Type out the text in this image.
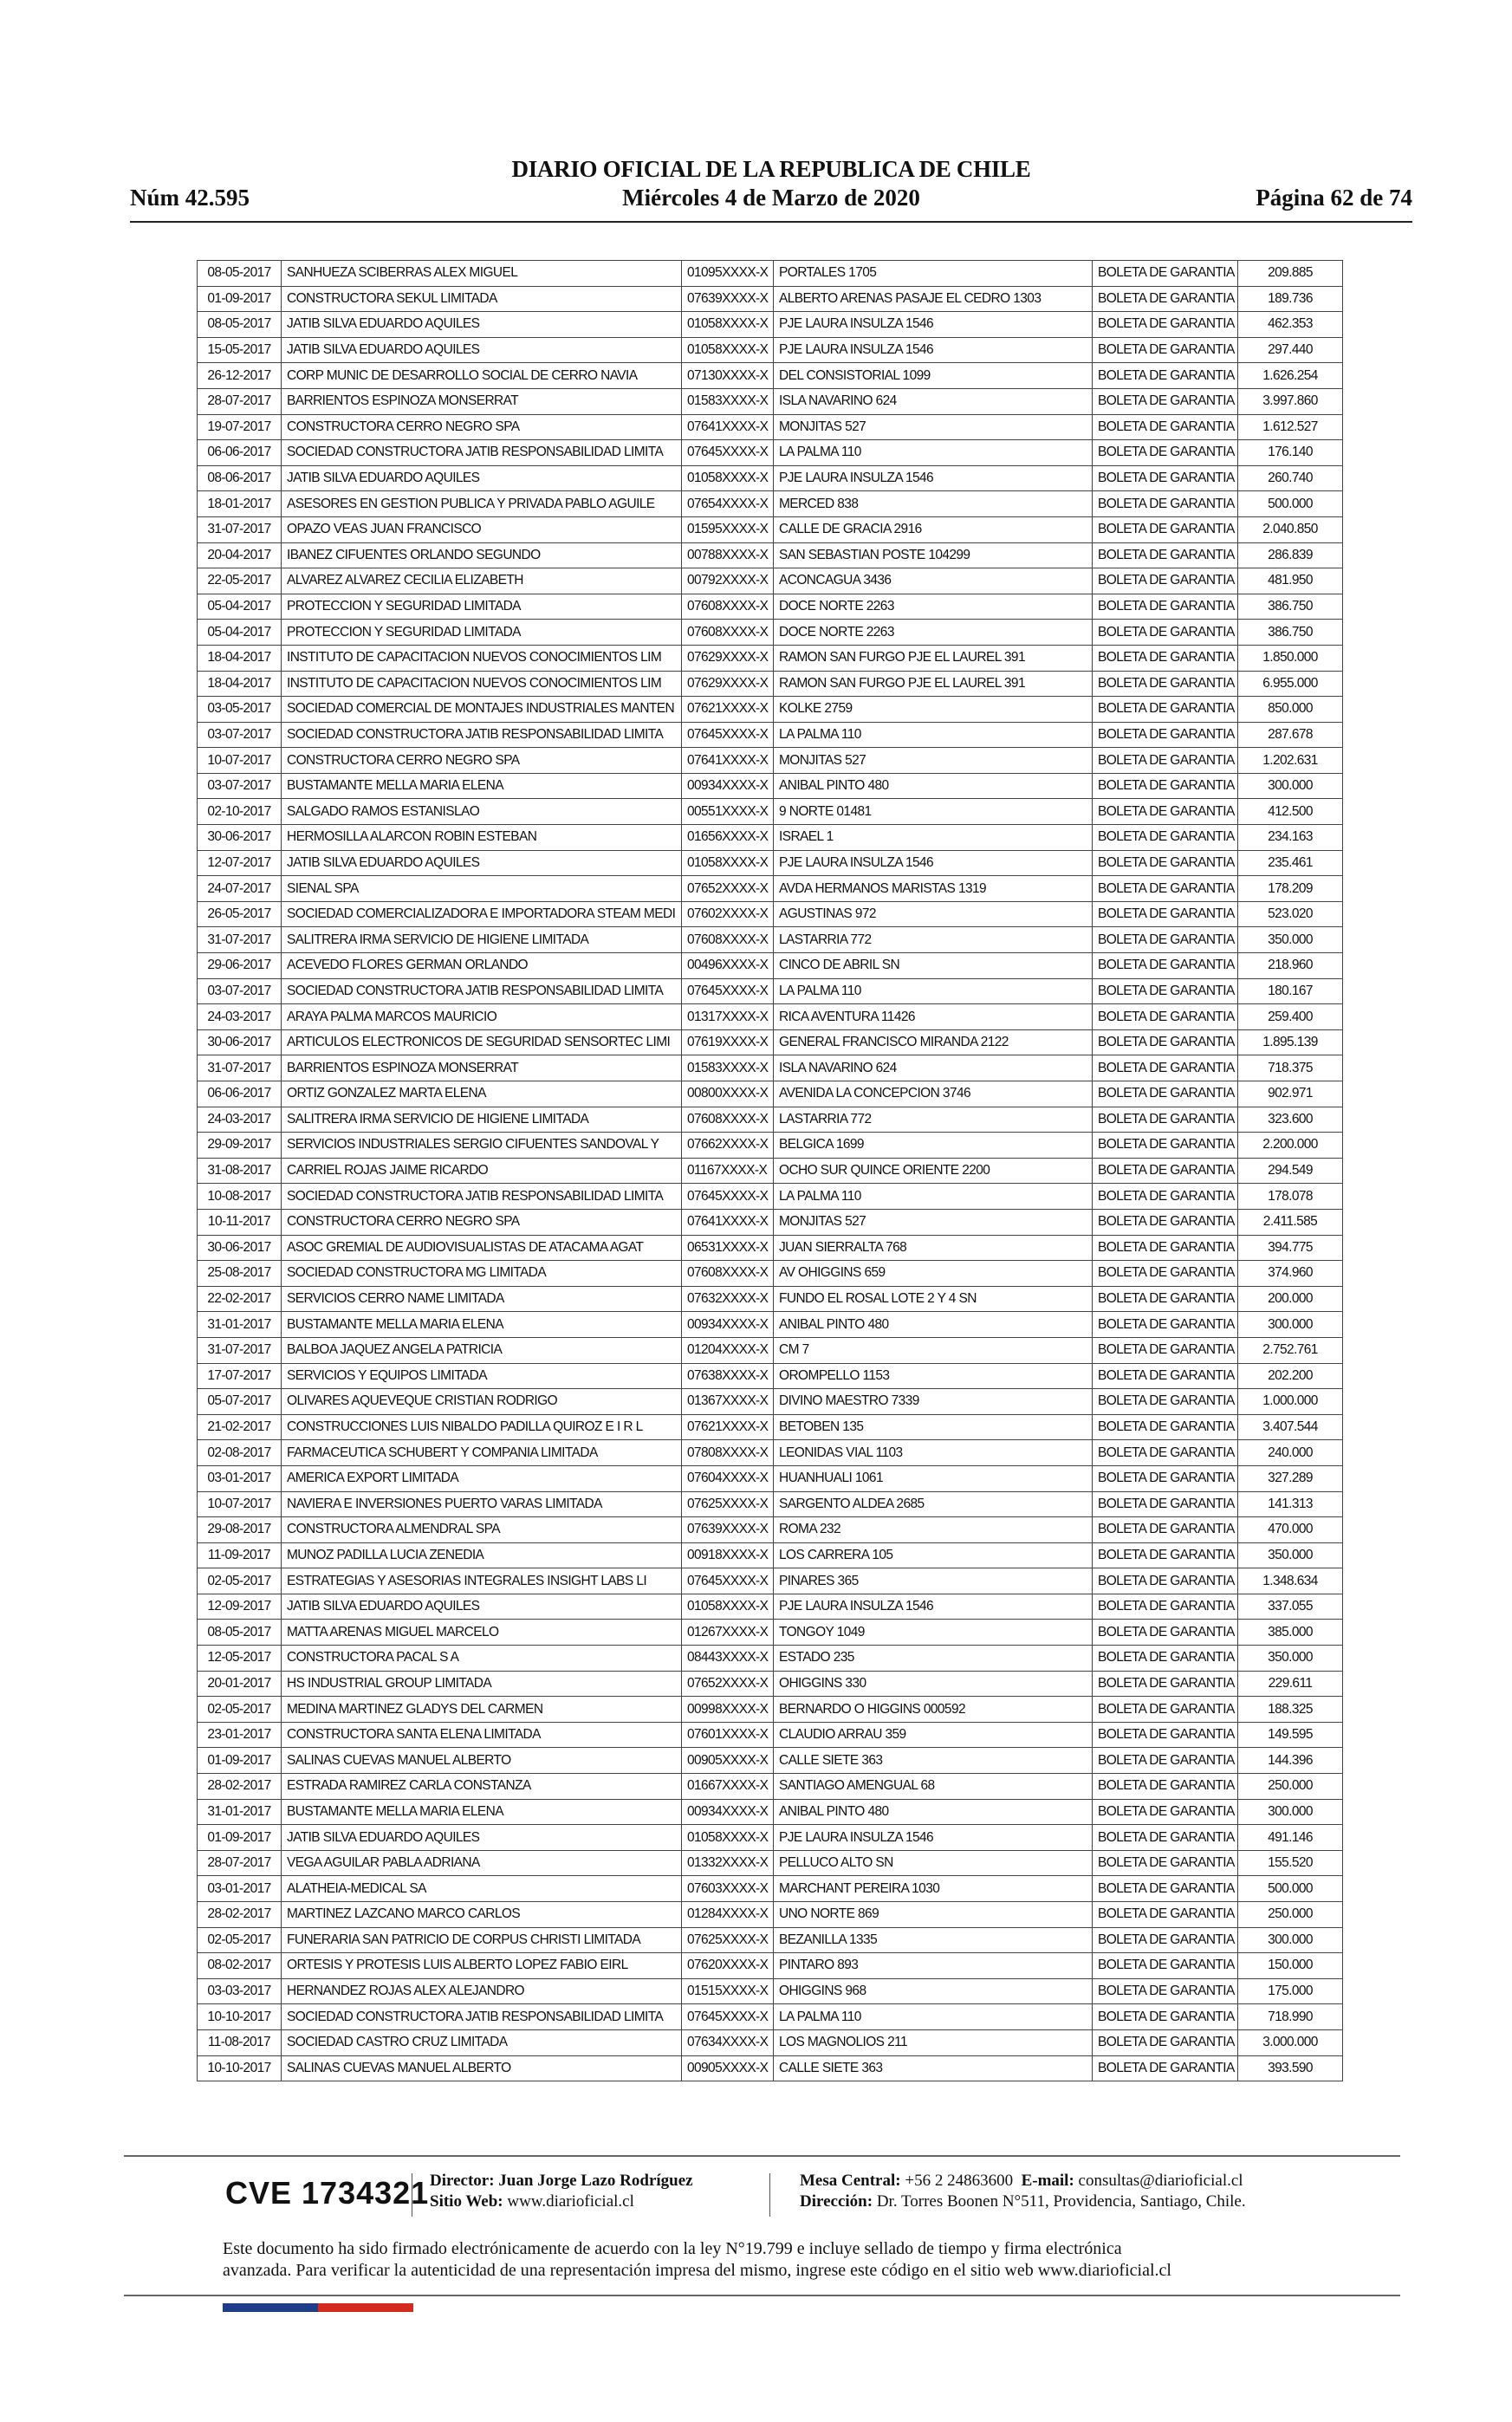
Núm 42.595
DIARIO OFICIAL DE LA REPUBLICA DE CHILE
Miércoles 4 de Marzo de 2020	Página 62 de 74
08-05-2017	SANHUEZA SCIBERRAS ALEX MIGUEL	01095XXXX-X	PORTALES 1705	BOLETA DE GARANTIA	209.885
01-09-2017	CONSTRUCTORA SEKUL LIMITADA	07639XXXX-X	ALBERTO ARENAS PASAJE EL CEDRO 1303	BOLETA DE GARANTIA	189.736
08-05-2017	JATIB SILVA EDUARDO AQUILES	01058XXXX-X	PJE LAURA INSULZA 1546	BOLETA DE GARANTIA	462.353
15-05-2017	JATIB SILVA EDUARDO AQUILES	01058XXXX-X	PJE LAURA INSULZA 1546	BOLETA DE GARANTIA	297.440
26-12-2017	CORP MUNIC DE DESARROLLO SOCIAL DE CERRO NAVIA	07130XXXX-X	DEL CONSISTORIAL 1099	BOLETA DE GARANTIA	1.626.254
28-07-2017	BARRIENTOS ESPINOZA MONSERRAT	01583XXXX-X	ISLA NAVARINO 624	BOLETA DE GARANTIA	3.997.860
19-07-2017	CONSTRUCTORA CERRO NEGRO SPA	07641XXXX-X	MONJITAS 527	BOLETA DE GARANTIA	1.612.527
06-06-2017	SOCIEDAD CONSTRUCTORA JATIB RESPONSABILIDAD LIMITA	07645XXXX-X	LA PALMA 110	BOLETA DE GARANTIA	176.140
08-06-2017	JATIB SILVA EDUARDO AQUILES	01058XXXX-X	PJE LAURA INSULZA 1546	BOLETA DE GARANTIA	260.740
18-01-2017	ASESORES EN GESTION PUBLICA Y PRIVADA PABLO AGUILE	07654XXXX-X	MERCED 838	BOLETA DE GARANTIA	500.000
31-07-2017	OPAZO VEAS JUAN FRANCISCO	01595XXXX-X	CALLE DE GRACIA 2916	BOLETA DE GARANTIA	2.040.850
20-04-2017	IBANEZ CIFUENTES ORLANDO SEGUNDO	00788XXXX-X	SAN SEBASTIAN POSTE 104299	BOLETA DE GARANTIA	286.839
22-05-2017	ALVAREZ ALVAREZ CECILIA ELIZABETH	00792XXXX-X	ACONCAGUA 3436	BOLETA DE GARANTIA	481.950
05-04-2017	PROTECCION Y SEGURIDAD LIMITADA	07608XXXX-X	DOCE NORTE 2263	BOLETA DE GARANTIA	386.750
05-04-2017	PROTECCION Y SEGURIDAD LIMITADA	07608XXXX-X	DOCE NORTE 2263	BOLETA DE GARANTIA	386.750
18-04-2017	INSTITUTO DE CAPACITACION NUEVOS CONOCIMIENTOS LIM	07629XXXX-X	RAMON SAN FURGO PJE EL LAUREL 391	BOLETA DE GARANTIA	1.850.000
18-04-2017	INSTITUTO DE CAPACITACION NUEVOS CONOCIMIENTOS LIM	07629XXXX-X	RAMON SAN FURGO PJE EL LAUREL 391	BOLETA DE GARANTIA	6.955.000
03-05-2017	SOCIEDAD COMERCIAL DE MONTAJES INDUSTRIALES MANTEN	07621XXXX-X	KOLKE 2759	BOLETA DE GARANTIA	850.000
03-07-2017	SOCIEDAD CONSTRUCTORA JATIB RESPONSABILIDAD LIMITA	07645XXXX-X	LA PALMA 110	BOLETA DE GARANTIA	287.678
10-07-2017	CONSTRUCTORA CERRO NEGRO SPA	07641XXXX-X	MONJITAS 527	BOLETA DE GARANTIA	1.202.631
03-07-2017	BUSTAMANTE MELLA MARIA ELENA	00934XXXX-X	ANIBAL PINTO 480	BOLETA DE GARANTIA	300.000
02-10-2017	SALGADO RAMOS ESTANISLAO	00551XXXX-X	9 NORTE 01481	BOLETA DE GARANTIA	412.500
30-06-2017	HERMOSILLA ALARCON ROBIN ESTEBAN	01656XXXX-X	ISRAEL 1	BOLETA DE GARANTIA	234.163
12-07-2017	JATIB SILVA EDUARDO AQUILES	01058XXXX-X	PJE LAURA INSULZA 1546	BOLETA DE GARANTIA	235.461
24-07-2017	SIENAL SPA	07652XXXX-X	AVDA HERMANOS MARISTAS 1319	BOLETA DE GARANTIA	178.209
26-05-2017	SOCIEDAD COMERCIALIZADORA E IMPORTADORA STEAM MEDI	07602XXXX-X	AGUSTINAS 972	BOLETA DE GARANTIA	523.020
31-07-2017	SALITRERA IRMA SERVICIO DE HIGIENE LIMITADA	07608XXXX-X	LASTARRIA 772	BOLETA DE GARANTIA	350.000
29-06-2017	ACEVEDO FLORES GERMAN ORLANDO	00496XXXX-X	CINCO DE ABRIL SN	BOLETA DE GARANTIA	218.960
03-07-2017	SOCIEDAD CONSTRUCTORA JATIB RESPONSABILIDAD LIMITA	07645XXXX-X	LA PALMA 110	BOLETA DE GARANTIA	180.167
24-03-2017	ARAYA PALMA MARCOS MAURICIO	01317XXXX-X	RICA AVENTURA 11426	BOLETA DE GARANTIA	259.400
30-06-2017	ARTICULOS ELECTRONICOS DE SEGURIDAD SENSORTEC LIMI	07619XXXX-X	GENERAL FRANCISCO MIRANDA 2122	BOLETA DE GARANTIA	1.895.139
31-07-2017	BARRIENTOS ESPINOZA MONSERRAT	01583XXXX-X	ISLA NAVARINO 624	BOLETA DE GARANTIA	718.375
06-06-2017	ORTIZ GONZALEZ MARTA ELENA	00800XXXX-X	AVENIDA LA CONCEPCION 3746	BOLETA DE GARANTIA	902.971
24-03-2017	SALITRERA IRMA SERVICIO DE HIGIENE LIMITADA	07608XXXX-X	LASTARRIA 772	BOLETA DE GARANTIA	323.600
29-09-2017	SERVICIOS INDUSTRIALES SERGIO CIFUENTES SANDOVAL Y	07662XXXX-X	BELGICA 1699	BOLETA DE GARANTIA	2.200.000
31-08-2017	CARRIEL ROJAS JAIME RICARDO	01167XXXX-X	OCHO SUR QUINCE ORIENTE 2200	BOLETA DE GARANTIA	294.549
10-08-2017	SOCIEDAD CONSTRUCTORA JATIB RESPONSABILIDAD LIMITA	07645XXXX-X	LA PALMA 110	BOLETA DE GARANTIA	178.078
10-11-2017	CONSTRUCTORA CERRO NEGRO SPA	07641XXXX-X	MONJITAS 527	BOLETA DE GARANTIA	2.411.585
30-06-2017	ASOC GREMIAL DE AUDIOVISUALISTAS DE ATACAMA AGAT	06531XXXX-X	JUAN SIERRALTA 768	BOLETA DE GARANTIA	394.775
25-08-2017	SOCIEDAD CONSTRUCTORA MG LIMITADA	07608XXXX-X	AV OHIGGINS 659	BOLETA DE GARANTIA	374.960
22-02-2017	SERVICIOS CERRO NAME LIMITADA	07632XXXX-X	FUNDO EL ROSAL LOTE 2 Y 4 SN	BOLETA DE GARANTIA	200.000
31-01-2017	BUSTAMANTE MELLA MARIA ELENA	00934XXXX-X	ANIBAL PINTO 480	BOLETA DE GARANTIA	300.000
31-07-2017	BALBOA JAQUEZ ANGELA PATRICIA	01204XXXX-X	CM 7	BOLETA DE GARANTIA	2.752.761
17-07-2017	SERVICIOS Y EQUIPOS LIMITADA	07638XXXX-X	OROMPELLO 1153	BOLETA DE GARANTIA	202.200
05-07-2017	OLIVARES AQUEVEQUE CRISTIAN RODRIGO	01367XXXX-X	DIVINO MAESTRO 7339	BOLETA DE GARANTIA	1.000.000
21-02-2017	CONSTRUCCIONES LUIS NIBALDO PADILLA QUIROZ E I R L	07621XXXX-X	BETOBEN 135	BOLETA DE GARANTIA	3.407.544
02-08-2017	FARMACEUTICA SCHUBERT Y COMPANIA LIMITADA	07808XXXX-X	LEONIDAS VIAL 1103	BOLETA DE GARANTIA	240.000
03-01-2017	AMERICA EXPORT LIMITADA	07604XXXX-X	HUANHUALI 1061	BOLETA DE GARANTIA	327.289
10-07-2017	NAVIERA E INVERSIONES PUERTO VARAS LIMITADA	07625XXXX-X	SARGENTO ALDEA 2685	BOLETA DE GARANTIA	141.313
29-08-2017	CONSTRUCTORA ALMENDRAL SPA	07639XXXX-X	ROMA 232	BOLETA DE GARANTIA	470.000
11-09-2017	MUNOZ PADILLA LUCIA ZENEDIA	00918XXXX-X	LOS CARRERA 105	BOLETA DE GARANTIA	350.000
02-05-2017	ESTRATEGIAS Y ASESORIAS INTEGRALES INSIGHT LABS LI	07645XXXX-X	PINARES 365	BOLETA DE GARANTIA	1.348.634
12-09-2017	JATIB SILVA EDUARDO AQUILES	01058XXXX-X	PJE LAURA INSULZA 1546	BOLETA DE GARANTIA	337.055
08-05-2017	MATTA ARENAS MIGUEL MARCELO	01267XXXX-X	TONGOY 1049	BOLETA DE GARANTIA	385.000
12-05-2017	CONSTRUCTORA PACAL S A	08443XXXX-X	ESTADO 235	BOLETA DE GARANTIA	350.000
20-01-2017	HS INDUSTRIAL GROUP LIMITADA	07652XXXX-X	OHIGGINS 330	BOLETA DE GARANTIA	229.611
02-05-2017	MEDINA MARTINEZ GLADYS DEL CARMEN	00998XXXX-X	BERNARDO O HIGGINS 000592	BOLETA DE GARANTIA	188.325
23-01-2017	CONSTRUCTORA SANTA ELENA LIMITADA	07601XXXX-X	CLAUDIO ARRAU 359	BOLETA DE GARANTIA	149.595
01-09-2017	SALINAS CUEVAS MANUEL ALBERTO	00905XXXX-X	CALLE SIETE 363	BOLETA DE GARANTIA	144.396
28-02-2017	ESTRADA RAMIREZ CARLA CONSTANZA	01667XXXX-X	SANTIAGO AMENGUAL 68	BOLETA DE GARANTIA	250.000
31-01-2017	BUSTAMANTE MELLA MARIA ELENA	00934XXXX-X	ANIBAL PINTO 480	BOLETA DE GARANTIA	300.000
01-09-2017	JATIB SILVA EDUARDO AQUILES	01058XXXX-X	PJE LAURA INSULZA 1546	BOLETA DE GARANTIA	491.146
28-07-2017	VEGA AGUILAR PABLA ADRIANA	01332XXXX-X	PELLUCO ALTO SN	BOLETA DE GARANTIA	155.520
03-01-2017	ALATHEIA-MEDICAL SA	07603XXXX-X	MARCHANT PEREIRA 1030	BOLETA DE GARANTIA	500.000
28-02-2017	MARTINEZ LAZCANO MARCO CARLOS	01284XXXX-X	UNO NORTE 869	BOLETA DE GARANTIA	250.000
02-05-2017	FUNERARIA SAN PATRICIO DE CORPUS CHRISTI LIMITADA	07625XXXX-X	BEZANILLA 1335	BOLETA DE GARANTIA	300.000
08-02-2017	ORTESIS Y PROTESIS LUIS ALBERTO LOPEZ FABIO EIRL	07620XXXX-X	PINTARO 893	BOLETA DE GARANTIA	150.000
03-03-2017	HERNANDEZ ROJAS ALEX ALEJANDRO	01515XXXX-X	OHIGGINS 968	BOLETA DE GARANTIA	175.000
10-10-2017	SOCIEDAD CONSTRUCTORA JATIB RESPONSABILIDAD LIMITA	07645XXXX-X	LA PALMA 110	BOLETA DE GARANTIA	718.990
11-08-2017	SOCIEDAD CASTRO CRUZ LIMITADA	07634XXXX-X	LOS MAGNOLIOS 211	BOLETA DE GARANTIA	3.000.000
10-10-2017	SALINAS CUEVAS MANUEL ALBERTO	00905XXXX-X	CALLE SIETE 363	BOLETA DE GARANTIA	393.590
CVE 1734321 Director: Juan Jorge Lazo Rodríguez
Sitio Web: www.diarioficial.cl
Mesa Central: +56 2 24863600 E-mail: consultas@diarioficial.cl
Dirección: Dr. Torres Boonen N°511, Providencia, Santiago, Chile.
Este documento ha sido firmado electrónicamente de acuerdo con la ley N°19.799 e incluye sellado de tiempo y firma electrónica
avanzada. Para verificar la autenticidad de una representación impresa del mismo, ingrese este código en el sitio web www.diarioficial.cl
